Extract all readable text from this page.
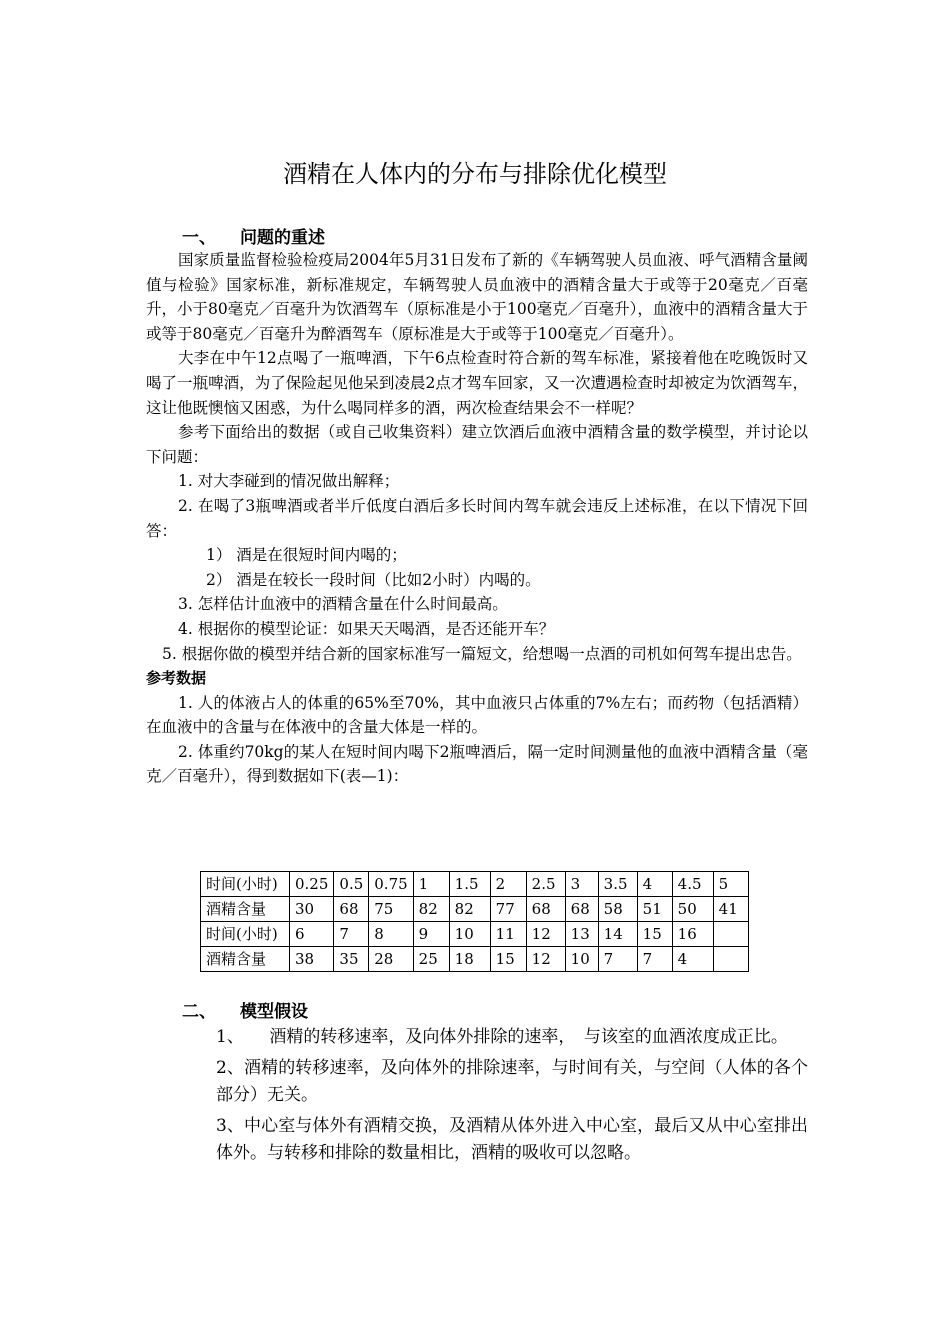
酒精在人体内的分布与排除优化模型
一、 问题的重述

国家质量监督检验检疫局2004年5月31日发布了新的《车辆驾驶人员血液、呼气酒精含量阈值与检验》国家标准，新标准规定，车辆驾驶人员血液中的酒精含量大于或等于20毫克／百毫升，小于80毫克／百毫升为饮酒驾车（原标准是小于100毫克／百毫升），血液中的酒精含量大于或等于80毫克／百毫升为醉酒驾车（原标准是大于或等于100毫克／百毫升）。

大李在中午12点喝了一瓶啤酒，下午6点检查时符合新的驾车标准，紧接着他在吃晚饭时又喝了一瓶啤酒，为了保险起见他呆到凌晨2点才驾车回家，又一次遭遇检查时却被定为饮酒驾车，这让他既懊恼又困惑，为什么喝同样多的酒，两次检查结果会不一样呢？

参考下面给出的数据（或自己收集资料）建立饮酒后血液中酒精含量的数学模型，并讨论以下问题：

1. 对大李碰到的情况做出解释；

2. 在喝了3瓶啤酒或者半斤低度白酒后多长时间内驾车就会违反上述标准，在以下情况下回答：

1） 酒是在很短时间内喝的；

2） 酒是在较长一段时间（比如2小时）内喝的。

3. 怎样估计血液中的酒精含量在什么时间最高。

4. 根据你的模型论证：如果天天喝酒，是否还能开车？

5. 根据你做的模型并结合新的国家标准写一篇短文，给想喝一点酒的司机如何驾车提出忠告。

参考数据

1. 人的体液占人的体重的65%至70%，其中血液只占体重的7%左右；而药物（包括酒精）在血液中的含量与在体液中的含量大体是一样的。

2. 体重约70kg的某人在短时间内喝下2瓶啤酒后，隔一定时间测量他的血液中酒精含量（毫克／百毫升），得到数据如下(表—1)：

时间(小时)	0.25	0.5	0.75	1	1.5	2	2.5	3	3.5	4	4.5	5
酒精含量	30	68	75	82	82	77	68	68	58	51	50	41
时间(小时)	6	7	8	9	10	11	12	13	14	15	16	
酒精含量	38	35	28	25	18	15	12	10	7	7	4	
二、 模型假设

1、　　酒精的转移速率，及向体外排除的速率，　与该室的血酒浓度成正比。

2、酒精的转移速率，及向体外的排除速率，与时间有关，与空间（人体的各个部分）无关。

3、中心室与体外有酒精交换，及酒精从体外进入中心室，最后又从中心室排出体外。与转移和排除的数量相比，酒精的吸收可以忽略。
